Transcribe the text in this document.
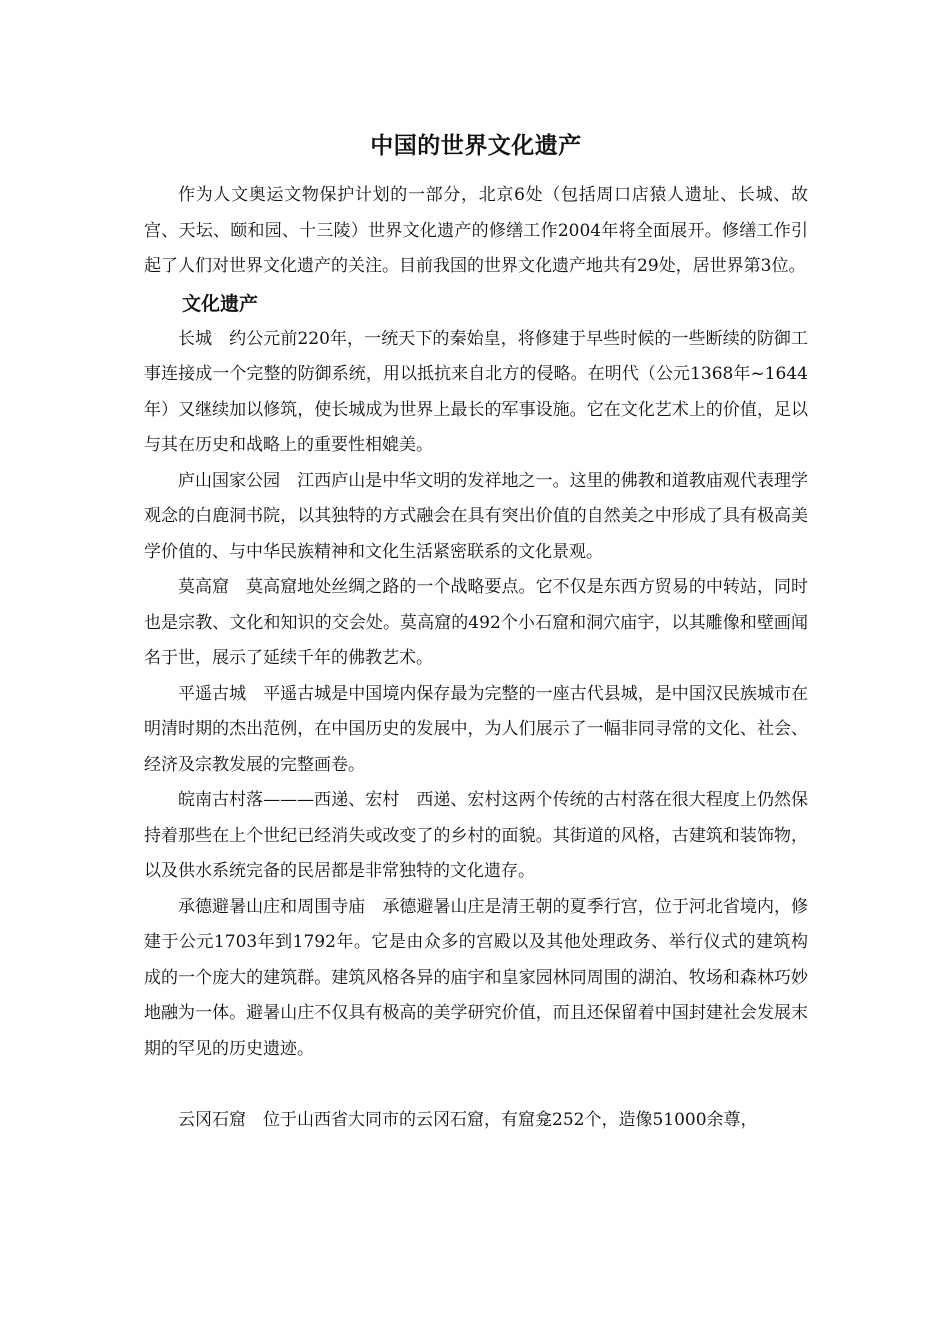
中国的世界文化遗产

作为人文奥运文物保护计划的一部分，北京6处（包括周口店猿人遗址、长城、故宫、天坛、颐和园、十三陵）世界文化遗产的修缮工作2004年将全面展开。修缮工作引起了人们对世界文化遗产的关注。目前我国的世界文化遗产地共有29处，居世界第3位。

文化遗产

长城 约公元前220年，一统天下的秦始皇，将修建于早些时候的一些断续的防御工事连接成一个完整的防御系统，用以抵抗来自北方的侵略。在明代（公元1368年~1644年）又继续加以修筑，使长城成为世界上最长的军事设施。它在文化艺术上的价值，足以与其在历史和战略上的重要性相媲美。

庐山国家公园 江西庐山是中华文明的发祥地之一。这里的佛教和道教庙观代表理学观念的白鹿洞书院，以其独特的方式融会在具有突出价值的自然美之中形成了具有极高美学价值的、与中华民族精神和文化生活紧密联系的文化景观。

莫高窟 莫高窟地处丝绸之路的一个战略要点。它不仅是东西方贸易的中转站，同时也是宗教、文化和知识的交会处。莫高窟的492个小石窟和洞穴庙宇，以其雕像和壁画闻名于世，展示了延续千年的佛教艺术。

平遥古城 平遥古城是中国境内保存最为完整的一座古代县城，是中国汉民族城市在明清时期的杰出范例，在中国历史的发展中，为人们展示了一幅非同寻常的文化、社会、经济及宗教发展的完整画卷。

皖南古村落———西递、宏村 西递、宏村这两个传统的古村落在很大程度上仍然保持着那些在上个世纪已经消失或改变了的乡村的面貌。其街道的风格，古建筑和装饰物，以及供水系统完备的民居都是非常独特的文化遗存。

承德避暑山庄和周围寺庙 承德避暑山庄是清王朝的夏季行宫，位于河北省境内，修建于公元1703年到1792年。它是由众多的宫殿以及其他处理政务、举行仪式的建筑构成的一个庞大的建筑群。建筑风格各异的庙宇和皇家园林同周围的湖泊、牧场和森林巧妙地融为一体。避暑山庄不仅具有极高的美学研究价值，而且还保留着中国封建社会发展末期的罕见的历史遗迹。

云冈石窟 位于山西省大同市的云冈石窟，有窟龛252个，造像51000余尊，
